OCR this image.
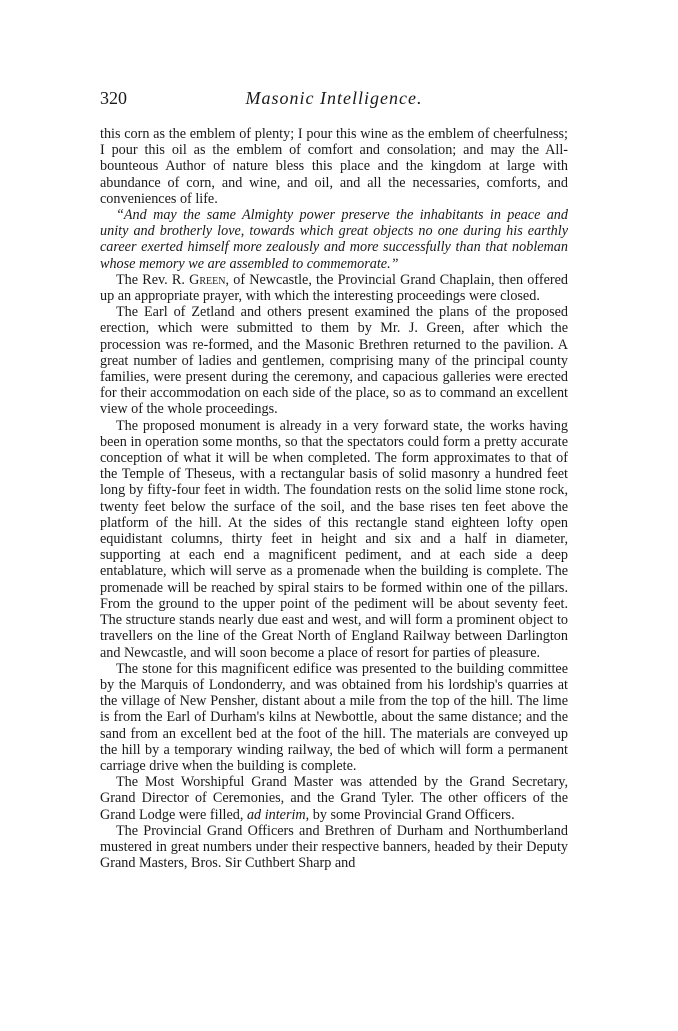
320	Masonic Intelligence.

this corn as the emblem of plenty; I pour this wine as the emblem of cheerfulness; I pour this oil as the emblem of comfort and consolation; and may the All-bounteous Author of nature bless this place and the kingdom at large with abundance of corn, and wine, and oil, and all the necessaries, comforts, and conveniences of life.

“And may the same Almighty power preserve the inhabitants in peace and unity and brotherly love, towards which great objects no one during his earthly career exerted himself more zealously and more successfully than that nobleman whose memory we are assembled to commemorate.”

The Rev. R. Green, of Newcastle, the Provincial Grand Chaplain, then offered up an appropriate prayer, with which the interesting proceedings were closed.

The Earl of Zetland and others present examined the plans of the proposed erection, which were submitted to them by Mr. J. Green, after which the procession was re-formed, and the Masonic Brethren returned to the pavilion. A great number of ladies and gentlemen, comprising many of the principal county families, were present during the ceremony, and capacious galleries were erected for their accommodation on each side of the place, so as to command an excellent view of the whole proceedings.

The proposed monument is already in a very forward state, the works having been in operation some months, so that the spectators could form a pretty accurate conception of what it will be when completed. The form approximates to that of the Temple of Theseus, with a rectangular basis of solid masonry a hundred feet long by fifty-four feet in width. The foundation rests on the solid lime stone rock, twenty feet below the surface of the soil, and the base rises ten feet above the platform of the hill. At the sides of this rectangle stand eighteen lofty open equidistant columns, thirty feet in height and six and a half in diameter, supporting at each end a magnificent pediment, and at each side a deep entablature, which will serve as a promenade when the building is complete. The promenade will be reached by spiral stairs to be formed within one of the pillars. From the ground to the upper point of the pediment will be about seventy feet. The structure stands nearly due east and west, and will form a prominent object to travellers on the line of the Great North of England Railway between Darlington and Newcastle, and will soon become a place of resort for parties of pleasure.

The stone for this magnificent edifice was presented to the building committee by the Marquis of Londonderry, and was obtained from his lordship's quarries at the village of New Pensher, distant about a mile from the top of the hill. The lime is from the Earl of Durham's kilns at Newbottle, about the same distance; and the sand from an excellent bed at the foot of the hill. The materials are conveyed up the hill by a temporary winding railway, the bed of which will form a permanent carriage drive when the building is complete.

The Most Worshipful Grand Master was attended by the Grand Secretary, Grand Director of Ceremonies, and the Grand Tyler. The other officers of the Grand Lodge were filled, ad interim, by some Provincial Grand Officers.

The Provincial Grand Officers and Brethren of Durham and Northumberland mustered in great numbers under their respective banners, headed by their Deputy Grand Masters, Bros. Sir Cuthbert Sharp and
